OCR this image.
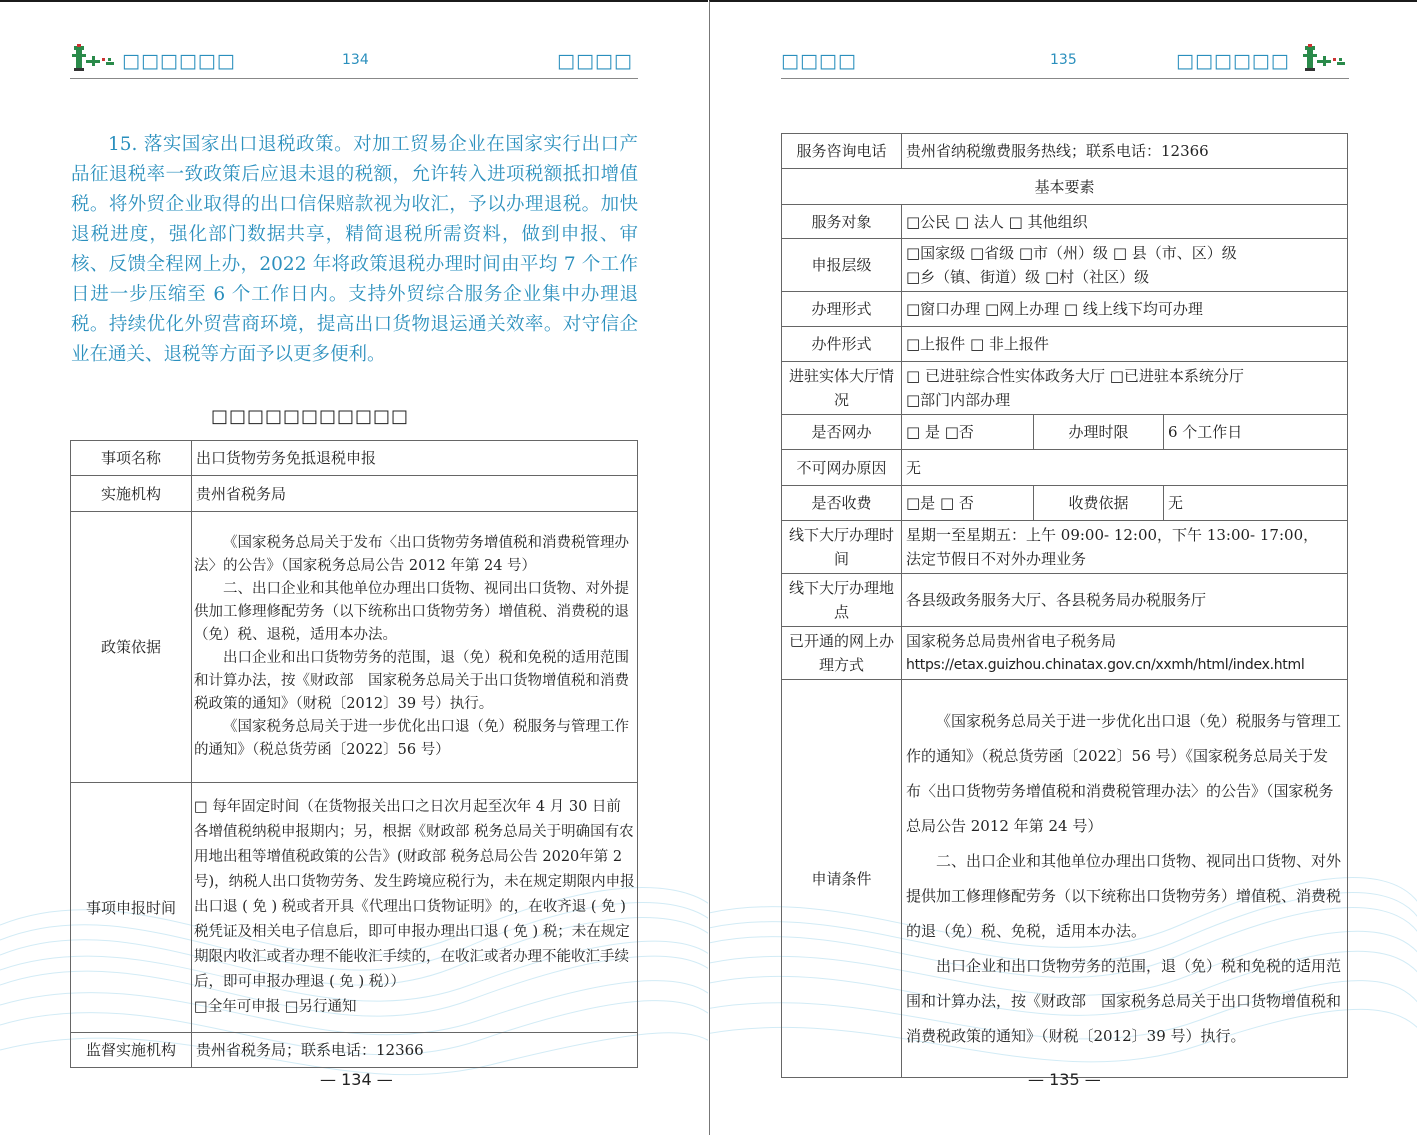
□□□□□□	134	□□□□
15. 落实国家出口退税政策。对加工贸易企业在国家实行出口产品征退税率一致政策后应退未退的税额，允许转入进项税额抵扣增值税。将外贸企业取得的出口信保赔款视为收汇，予以办理退税。加快退税进度，强化部门数据共享，精简退税所需资料，做到申报、审核、反馈全程网上办，2022 年将政策退税办理时间由平均 7 个工作日进一步压缩至 6 个工作日内。支持外贸综合服务企业集中办理退税。持续优化外贸营商环境，提高出口货物退运通关效率。对守信企业在通关、退税等方面予以更多便利。
□□□□□□□□□□□
事项名称	出口货物劳务免抵退税申报
实施机构	贵州省税务局
政策依据	《国家税务总局关于发布〈出口货物劳务增值税和消费税管理办法〉的公告》（国家税务总局公告 2012 年第 24 号）
二、出口企业和其他单位办理出口货物、视同出口货物、对外提供加工修理修配劳务（以下统称出口货物劳务）增值税、消费税的退（免）税、退税，适用本办法。
出口企业和出口货物劳务的范围，退（免）税和免税的适用范围和计算办法，按《财政部　国家税务总局关于出口货物增值税和消费税政策的通知》（财税〔2012〕39 号）执行。
《国家税务总局关于进一步优化出口退（免）税服务与管理工作的通知》（税总货劳函〔2022〕56 号）

事项申报时间	□ 每年固定时间（在货物报关出口之日次月起至次年 4 月 30 日前各增值税纳税申报期内；另，根据《财政部 税务总局关于明确国有农用地出租等增值税政策的公告》(财政部 税务总局公告 2020年第 2 号)，纳税人出口货物劳务、发生跨境应税行为，未在规定期限内申报出口退 ( 免 ) 税或者开具《代理出口货物证明》的，在收齐退 ( 免 ) 税凭证及相关电子信息后，即可申报办理出口退 ( 免 ) 税；未在规定期限内收汇或者办理不能收汇手续的，在收汇或者办理不能收汇手续后，即可申报办理退 ( 免 ) 税））
□全年可申报 □另行通知

监督实施机构	贵州省税务局；联系电话：12366
— 134 —
□□□□	135	□□□□□□
服务咨询电话	贵州省纳税缴费服务热线；联系电话：12366		
基本要素			
服务对象	□公民 □ 法人 □ 其他组织		
申报层级	□国家级 □省级 □市（州）级 □ 县（市、区）级
□乡（镇、街道）级 □村（社区）级		

办理形式	□窗口办理 □网上办理 □ 线上线下均可办理		
办件形式	□上报件 □ 非上报件		
进驻实体大厅情况	□ 已进驻综合性实体政务大厅 □已进驻本系统分厅
□部门内部办理		

是否网办	□ 是 □否	办理时限	6 个工作日
不可网办原因	无		
是否收费	□是 □ 否	收费依据	无
线下大厅办理时间	星期一至星期五：上午 09:00- 12:00，下午 13:00- 17:00，
法定节假日不对外办理业务		

线下大厅办理地点	各县级政务服务大厅、各县税务局办税服务厅		
已开通的网上办理方式	国家税务总局贵州省电子税务局
https://etax.guizhou.chinatax.gov.cn/xxmh/html/index.html		

申请条件	《国家税务总局关于进一步优化出口退（免）税服务与管理工作的通知》（税总货劳函〔2022〕56 号）《国家税务总局关于发布〈出口货物劳务增值税和消费税管理办法〉的公告》（国家税务总局公告 2012 年第 24 号）
二、出口企业和其他单位办理出口货物、视同出口货物、对外提供加工修理修配劳务（以下统称出口货物劳务）增值税、消费税的退（免）税、免税，适用本办法。
出口企业和出口货物劳务的范围，退（免）税和免税的适用范围和计算办法，按《财政部　国家税务总局关于出口货物增值税和消费税政策的通知》（财税〔2012〕39 号）执行。		
— 135 —
